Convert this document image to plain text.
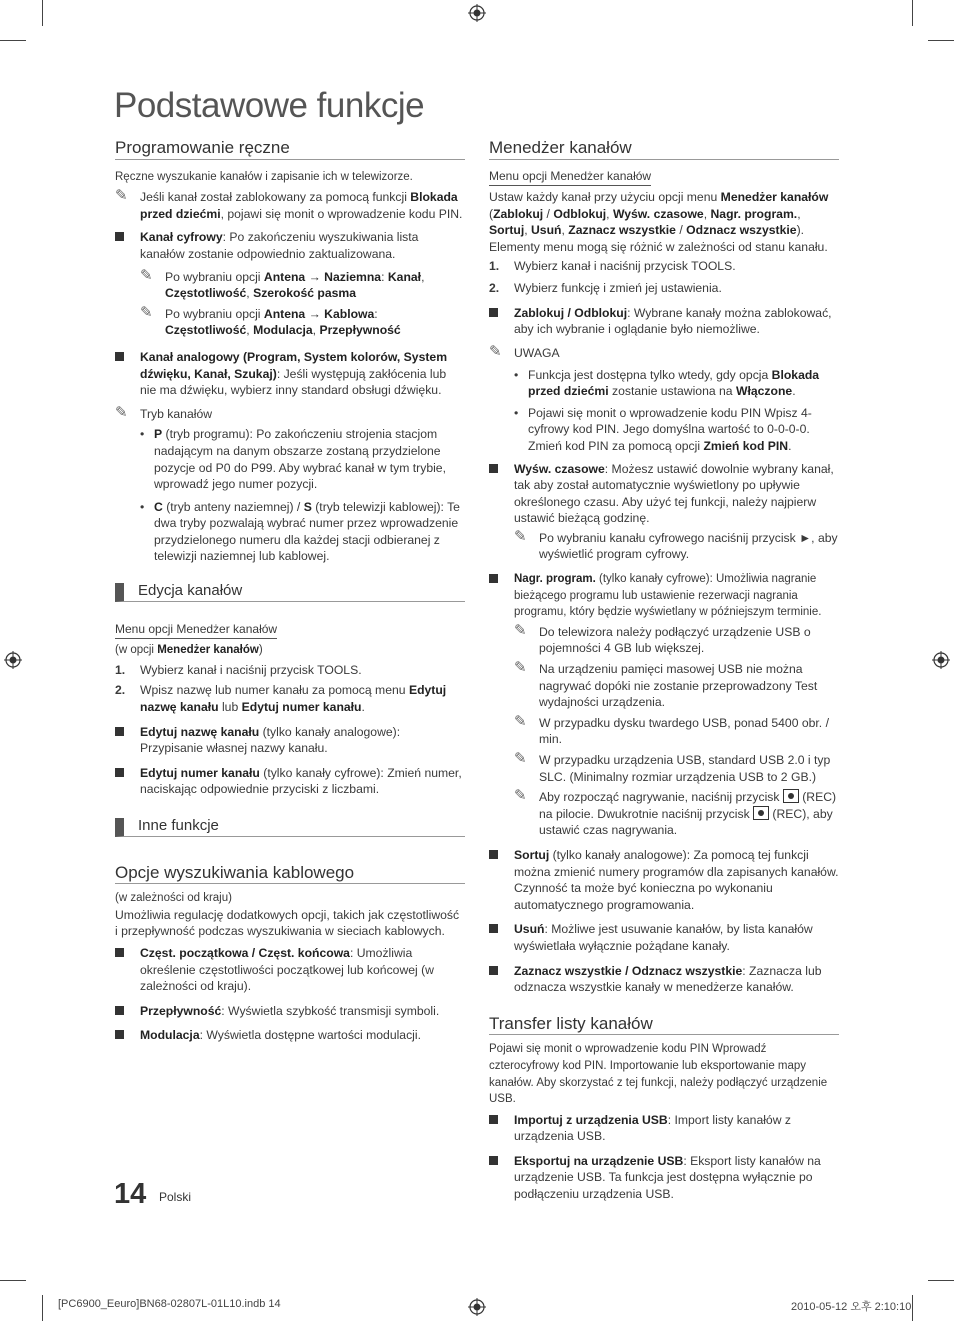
Podstawowe funkcje
Programowanie ręczne

Ręczne wyszukanie kanałów i zapisanie ich w telewizorze.

✎ Jeśli kanał został zablokowany za pomocą funkcji Blokada przed dziećmi, pojawi się monit o wprowadzenie kodu PIN.
Kanał cyfrowy: Po zakończeniu wyszukiwania lista kanałów zostanie odpowiednio zaktualizowana.
✎ Po wybraniu opcji Antena → Naziemna: Kanał, Częstotliwość, Szerokość pasma
✎ Po wybraniu opcji Antena → Kablowa: Częstotliwość, Modulacja, Przepływność
Kanał analogowy (Program, System kolorów, System dźwięku, Kanał, Szukaj): Jeśli występują zakłócenia lub nie ma dźwięku, wybierz inny standard obsługi dźwięku.
✎ Tryb kanałów
• P (tryb programu): Po zakończeniu strojenia stacjom nadającym na danym obszarze zostaną przydzielone pozycje od P0 do P99. Aby wybrać kanał w tym trybie, wprowadź jego numer pozycji.
• C (tryb anteny naziemnej) / S (tryb telewizji kablowej): Te dwa tryby pozwalają wybrać numer przez wprowadzenie przydzielonego numeru dla każdej stacji odbieranej z telewizji naziemnej lub kablowej.
Edycja kanałów
Menu opcji Menedżer kanałów

(w opcji Menedżer kanałów)

1. Wybierz kanał i naciśnij przycisk TOOLS.
2. Wpisz nazwę lub numer kanału za pomocą menu Edytuj nazwę kanału lub Edytuj numer kanału.
Edytuj nazwę kanału (tylko kanały analogowe): Przypisanie własnej nazwy kanału.
Edytuj numer kanału (tylko kanały cyfrowe): Zmień numer, naciskając odpowiednie przyciski z liczbami.
Inne funkcje
Opcje wyszukiwania kablowego

(w zależności od kraju)

Umożliwia regulację dodatkowych opcji, takich jak częstotliwość i przepływność podczas wyszukiwania w sieciach kablowych.

Częst. początkowa / Częst. końcowa: Umożliwia określenie częstotliwości początkowej lub końcowej (w zależności od kraju).
Przepływność: Wyświetla szybkość transmisji symboli.
Modulacja: Wyświetla dostępne wartości modulacji.
Menedżer kanałów
Menu opcji Menedżer kanałów

Ustaw każdy kanał przy użyciu opcji menu Menedżer kanałów (Zablokuj / Odblokuj, Wyśw. czasowe, Nagr. program., Sortuj, Usuń, Zaznacz wszystkie / Odznacz wszystkie). Elementy menu mogą się różnić w zależności od stanu kanału.

1. Wybierz kanał i naciśnij przycisk TOOLS.
2. Wybierz funkcję i zmień jej ustawienia.
Zablokuj / Odblokuj: Wybrane kanały można zablokować, aby ich wybranie i oglądanie było niemożliwe.
✎ UWAGA
• Funkcja jest dostępna tylko wtedy, gdy opcja Blokada przed dziećmi zostanie ustawiona na Włączone.
• Pojawi się monit o wprowadzenie kodu PIN Wpisz 4-cyfrowy kod PIN. Jego domyślna wartość to 0-0-0-0. Zmień kod PIN za pomocą opcji Zmień kod PIN.
Wyśw. czasowe: Możesz ustawić dowolnie wybrany kanał, tak aby został automatycznie wyświetlony po upływie określonego czasu. Aby użyć tej funkcji, należy najpierw ustawić bieżącą godzinę.
✎ Po wybraniu kanału cyfrowego naciśnij przycisk ►, aby wyświetlić program cyfrowy.
Nagr. program. (tylko kanały cyfrowe): Umożliwia nagranie bieżącego programu lub ustawienie rezerwacji nagrania programu, który będzie wyświetlany w późniejszym terminie.
✎ Do telewizora należy podłączyć urządzenie USB o pojemności 4 GB lub większej.
✎ Na urządzeniu pamięci masowej USB nie można nagrywać dopóki nie zostanie przeprowadzony Test wydajności urządzenia.
✎ W przypadku dysku twardego USB, ponad 5400 obr. / min.
✎ W przypadku urządzenia USB, standard USB 2.0 i typ SLC. (Minimalny rozmiar urządzenia USB to 2 GB.)
✎ Aby rozpocząć nagrywanie, naciśnij przycisk  (REC) na pilocie. Dwukrotnie naciśnij przycisk  (REC), aby ustawić czas nagrywania.
Sortuj (tylko kanały analogowe): Za pomocą tej funkcji można zmienić numery programów dla zapisanych kanałów. Czynność ta może być konieczna po wykonaniu automatycznego programowania.
Usuń: Możliwe jest usuwanie kanałów, by lista kanałów wyświetlała wyłącznie pożądane kanały.
Zaznacz wszystkie / Odznacz wszystkie: Zaznacza lub odznacza wszystkie kanały w menedżerze kanałów.
Transfer listy kanałów

Pojawi się monit o wprowadzenie kodu PIN Wprowadź czterocyfrowy kod PIN. Importowanie lub eksportowanie mapy kanałów. Aby skorzystać z tej funkcji, należy podłączyć urządzenie USB.

Importuj z urządzenia USB: Import listy kanałów z urządzenia USB.
Eksportuj na urządzenie USB: Eksport listy kanałów na urządzenie USB. Ta funkcja jest dostępna wyłącznie po podłączeniu urządzenia USB.
14 Polski
[PC6900_Eeuro]BN68-02807L-01L10.indb 14	2010-05-12 오후 2:10:10
